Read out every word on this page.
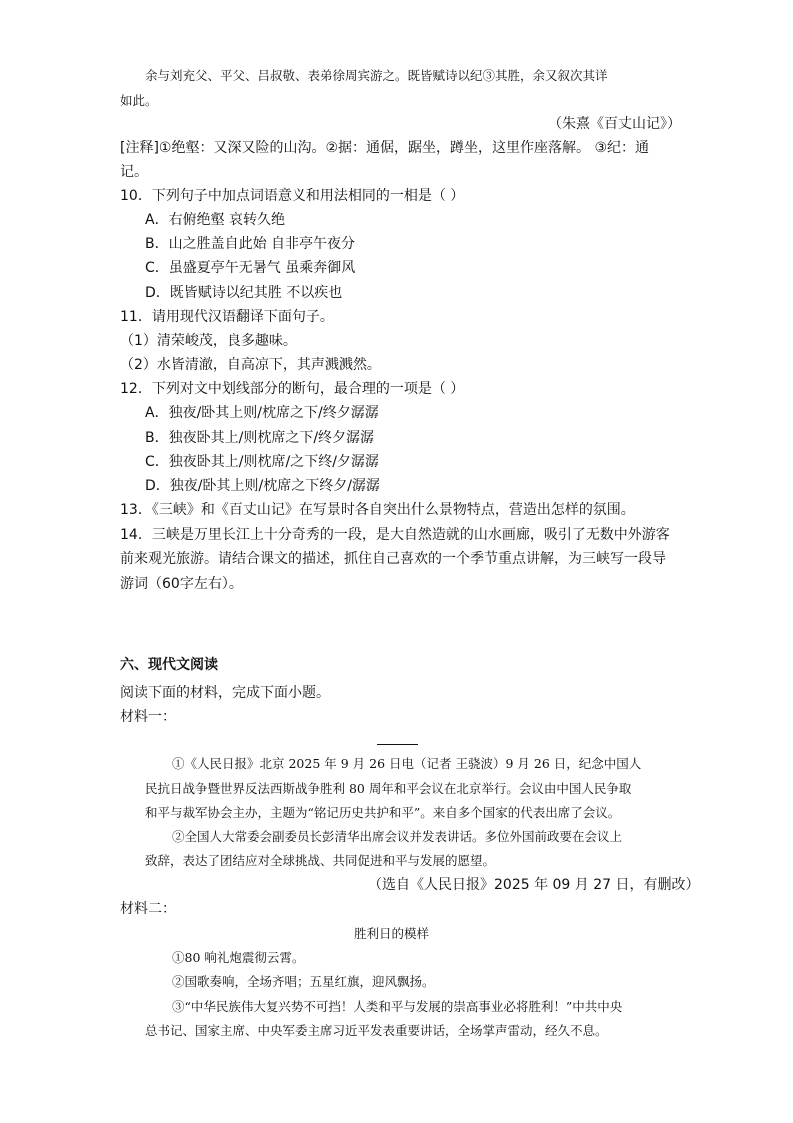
余与刘充父、平父、吕叔敬、表弟徐周宾游之。既皆赋诗以纪③其胜，余又叙次其详
如此。
（朱熹《百丈山记》）
[注释]①绝壑：又深又险的山沟。②据：通倨，踞坐，蹲坐，这里作座落解。 ③纪：通
记。
10．下列句子中加点词语意义和用法相同的一相是（ ）
A．右俯绝壑 哀转久绝
B．山之胜盖自此始 自非亭午夜分
C．虽盛夏亭午无暑气 虽乘奔御风
D．既皆赋诗以纪其胜 不以疾也
11．请用现代汉语翻译下面句子。
（1）清荣峻茂，良多趣味。
（2）水皆清澈，自高凉下，其声溅溅然。
12．下列对文中划线部分的断句，最合理的一项是（ ）
A．独夜/卧其上则/枕席之下/终夕潺潺
B．独夜卧其上/则枕席之下/终夕潺潺
C．独夜卧其上/则枕席/之下终/夕潺潺
D．独夜/卧其上则/枕席之下终夕/潺潺
13．《三峡》和《百丈山记》在写景时各自突出什么景物特点，营造出怎样的氛围。
14．三峡是万里长江上十分奇秀的一段，是大自然造就的山水画廊，吸引了无数中外游客
前来观光旅游。请结合课文的描述，抓住自己喜欢的一个季节重点讲解，为三峡写一段导
游词（60字左右）。
六、现代文阅读
阅读下面的材料，完成下面小题。
材料一：
①《人民日报》北京 2025 年 9 月 26 日电（记者 王骁波）9 月 26 日，纪念中国人
民抗日战争暨世界反法西斯战争胜利 80 周年和平会议在北京举行。会议由中国人民争取
和平与裁军协会主办，主题为“铭记历史共护和平”。来自多个国家的代表出席了会议。
②全国人大常委会副委员长彭清华出席会议并发表讲话。多位外国前政要在会议上
致辞，表达了团结应对全球挑战、共同促进和平与发展的愿望。
（选自《人民日报》2025 年 09 月 27 日，有删改）
材料二：
胜利日的模样
①80 响礼炮震彻云霄。
②国歌奏响，全场齐唱；五星红旗，迎风飘扬。
③“中华民族伟大复兴势不可挡！人类和平与发展的崇高事业必将胜利！”中共中央
总书记、国家主席、中央军委主席习近平发表重要讲话，全场掌声雷动，经久不息。
